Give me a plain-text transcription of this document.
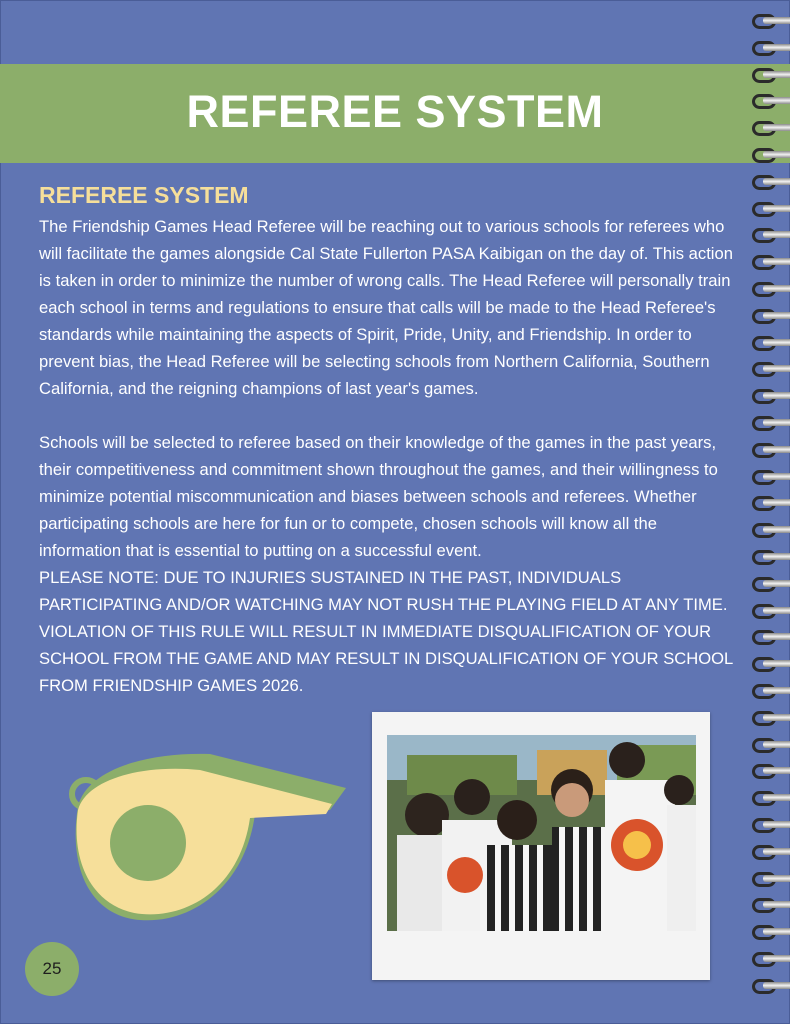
REFEREE SYSTEM
REFEREE SYSTEM

The Friendship Games Head Referee will be reaching out to various schools for referees who will facilitate the games alongside Cal State Fullerton PASA Kaibigan on the day of. This action is taken in order to minimize the number of wrong calls. The Head Referee will personally train each school in terms and regulations to ensure that calls will be made to the Head Referee's standards while maintaining the aspects of Spirit, Pride, Unity, and Friendship. In order to prevent bias, the Head Referee will be selecting schools from Northern California, Southern California, and the reigning champions of last year's games.

Schools will be selected to referee based on their knowledge of the games in the past years, their competitiveness and commitment shown throughout the games, and their willingness to minimize potential miscommunication and biases between schools and referees. Whether participating schools are here for fun or to compete, chosen schools will know all the information that is essential to putting on a successful event.

PLEASE NOTE: DUE TO INJURIES SUSTAINED IN THE PAST, INDIVIDUALS PARTICIPATING AND/OR WATCHING MAY NOT RUSH THE PLAYING FIELD AT ANY TIME. VIOLATION OF THIS RULE WILL RESULT IN IMMEDIATE DISQUALIFICATION OF YOUR SCHOOL FROM THE GAME AND MAY RESULT IN DISQUALIFICATION OF YOUR SCHOOL FROM FRIENDSHIP GAMES 2026.

25
